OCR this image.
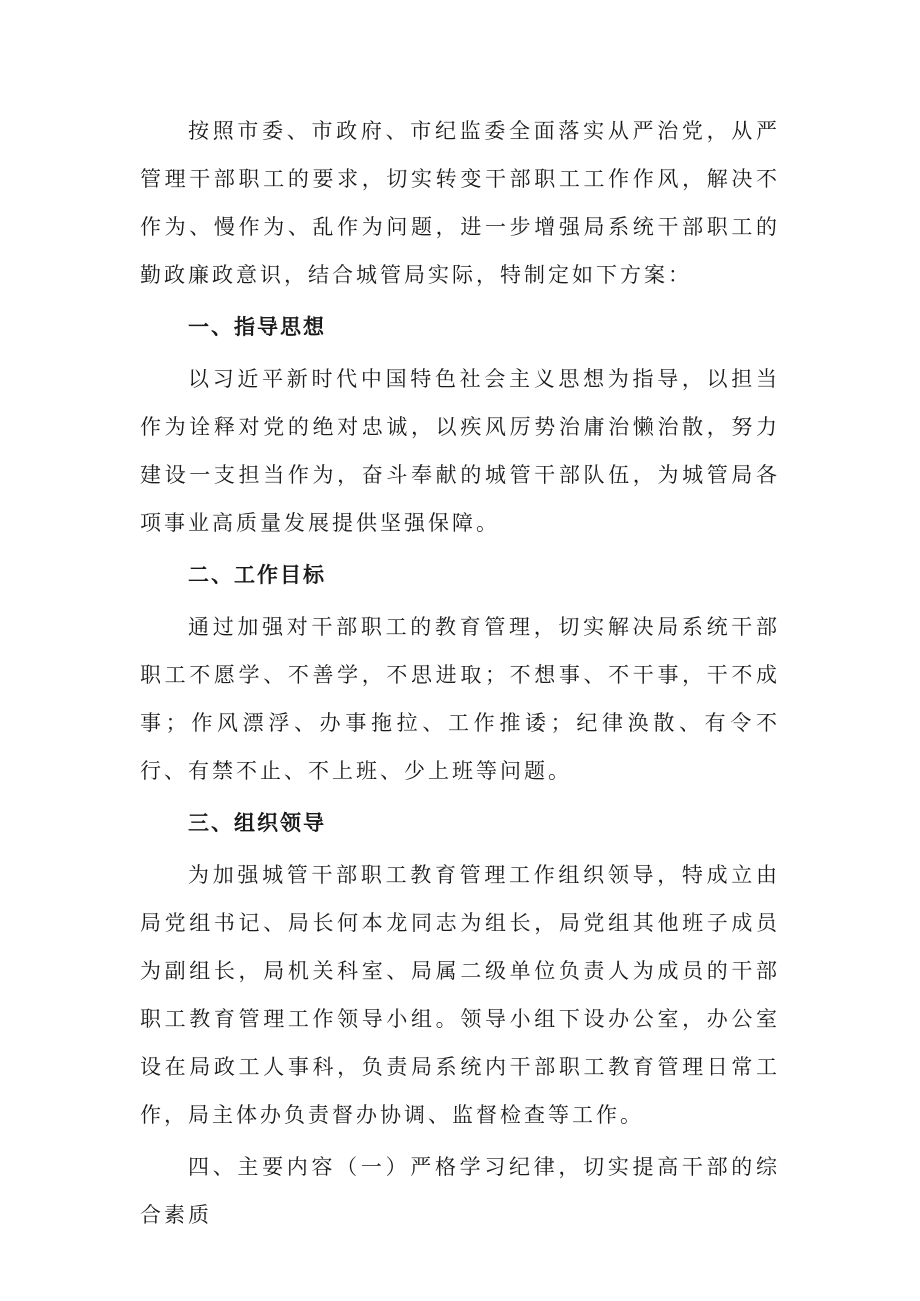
按照市委、市政府、市纪监委全面落实从严治党，从严管理干部职工的要求，切实转变干部职工工作作风，解决不作为、慢作为、乱作为问题，进一步增强局系统干部职工的勤政廉政意识，结合城管局实际，特制定如下方案：

一、指导思想

以习近平新时代中国特色社会主义思想为指导，以担当作为诠释对党的绝对忠诚，以疾风厉势治庸治懒治散，努力建设一支担当作为，奋斗奉献的城管干部队伍，为城管局各项事业高质量发展提供坚强保障。

二、工作目标

通过加强对干部职工的教育管理，切实解决局系统干部职工不愿学、不善学，不思进取；不想事、不干事，干不成事；作风漂浮、办事拖拉、工作推诿；纪律涣散、有令不行、有禁不止、不上班、少上班等问题。

三、组织领导

为加强城管干部职工教育管理工作组织领导，特成立由局党组书记、局长何本龙同志为组长，局党组其他班子成员为副组长，局机关科室、局属二级单位负责人为成员的干部职工教育管理工作领导小组。领导小组下设办公室，办公室设在局政工人事科，负责局系统内干部职工教育管理日常工作，局主体办负责督办协调、监督检查等工作。

四、主要内容（一）严格学习纪律，切实提高干部的综合素质
